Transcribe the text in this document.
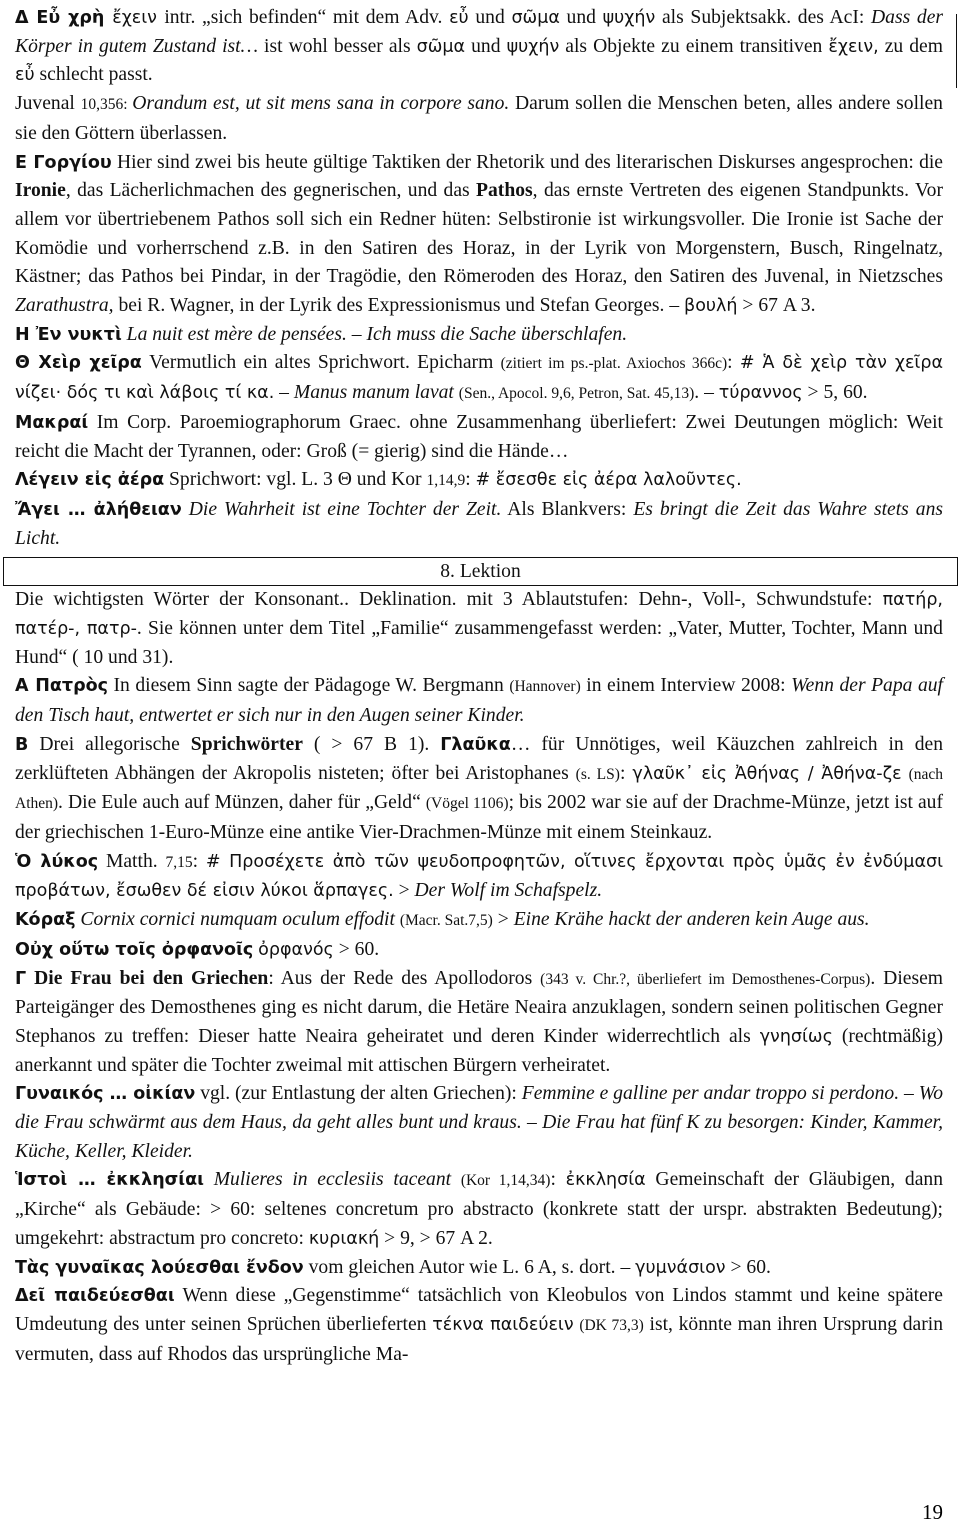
Δ Εὖ χρὴ ἔχειν intr. „sich befinden“ mit dem Adv. εὖ und σῶμα und ψυχήν als Subjektsakk. des AcI: Dass der Körper in gutem Zustand ist… ist wohl besser als σῶμα und ψυχήν als Objekte zu einem transitiven ἔχειν, zu dem εὖ schlecht passt.

Juvenal 10,356: Orandum est, ut sit mens sana in corpore sano. Darum sollen die Menschen beten, alles andere sollen sie den Göttern überlassen.

Ε Γοργίου Hier sind zwei bis heute gültige Taktiken der Rhetorik und des literarischen Diskurses angesprochen: die Ironie, das Lächerlichmachen des gegnerischen, und das Pathos, das ernste Vertreten des eigenen Standpunkts. Vor allem vor übertriebenem Pathos soll sich ein Redner hüten: Selbstironie ist wirkungsvoller. Die Ironie ist Sache der Komödie und vorherrschend z.B. in den Satiren des Horaz, in der Lyrik von Morgenstern, Busch, Ringelnatz, Kästner; das Pathos bei Pindar, in der Tragödie, den Römeroden des Horaz, den Satiren des Juvenal, in Nietzsches Zarathustra, bei R. Wagner, in der Lyrik des Expressionismus und Stefan Georges. – βουλή > 67 A 3.

Η Ἐν νυκτὶ La nuit est mère de pensées. – Ich muss die Sache überschlafen.

Θ Χεὶρ χεῖρα Vermutlich ein altes Sprichwort. Epicharm (zitiert im ps.-plat. Axiochos 366c): # Ἁ δὲ χεὶρ τὰν χεῖρα νίζει· δός τι καὶ λάβοις τί κα. – Manus manum lavat (Sen., Apocol. 9,6, Petron, Sat. 45,13). – τύραννος > 5, 60.

Μακραί Im Corp. Paroemiographorum Graec. ohne Zusammenhang überliefert: Zwei Deutungen möglich: Weit reicht die Macht der Tyrannen, oder: Groß (= gierig) sind die Hände…

Λέγειν εἰς ἀέρα Sprichwort: vgl. L. 3 Θ und Kor 1,14,9: # ἔσεσθε εἰς ἀέρα λαλοῦντες.

Ἄγει … ἀλήθειαν Die Wahrheit ist eine Tochter der Zeit. Als Blankvers: Es bringt die Zeit das Wahre stets ans Licht.

8. Lektion

Die wichtigsten Wörter der Konsonant.. Deklination. mit 3 Ablautstufen: Dehn-, Voll-, Schwundstufe: πατήρ, πατέρ-, πατρ-. Sie können unter dem Titel „Familie“ zusammengefasst werden: „Vater, Mutter, Tochter, Mann und Hund“ ( 10 und 31).

Α Πατρὸς In diesem Sinn sagte der Pädagoge W. Bergmann (Hannover) in einem Interview 2008: Wenn der Papa auf den Tisch haut, entwertet er sich nur in den Augen seiner Kinder.

Β Drei allegorische Sprichwörter ( > 67 B 1). Γλαῦκα… für Unnötiges, weil Käuzchen zahlreich in den zerklüfteten Abhängen der Akropolis nisteten; öfter bei Aristophanes (s. LS): γλαῦκ᾽ εἰς Ἀθήνας / Ἀθήνα-ζε (nach Athen). Die Eule auch auf Münzen, daher für „Geld“ (Vögel 1106); bis 2002 war sie auf der Drachme-Münze, jetzt ist auf der griechischen 1-Euro-Münze eine antike Vier-Drachmen-Münze mit einem Steinkauz.

Ὁ λύκος Matth. 7,15: # Προσέχετε ἀπὸ τῶν ψευδοπροφητῶν, οἵτινες ἔρχονται πρὸς ὑμᾶς ἐν ἐνδύμασι προβάτων, ἔσωθεν δέ εἰσιν λύκοι ἅρπαγες. > Der Wolf im Schafspelz.

Κόραξ Cornix cornici numquam oculum effodit (Macr. Sat.7,5) > Eine Krähe hackt der anderen kein Auge aus.

Οὐχ οὕτω τοῖς ὀρφανοῖς ὀρφανός > 60.

Γ Die Frau bei den Griechen: Aus der Rede des Apollodoros (343 v. Chr.?, überliefert im Demosthenes-Corpus). Diesem Parteigänger des Demosthenes ging es nicht darum, die Hetäre Neaira anzuklagen, sondern seinen politischen Gegner Stephanos zu treffen: Dieser hatte Neaira geheiratet und deren Kinder widerrechtlich als γνησίως (rechtmäßig) anerkannt und später die Tochter zweimal mit attischen Bürgern verheiratet.

Γυναικός … οἰκίαν vgl. (zur Entlastung der alten Griechen): Femmine e galline per andar troppo si perdono. – Wo die Frau schwärmt aus dem Haus, da geht alles bunt und kraus. – Die Frau hat fünf K zu besorgen: Kinder, Kammer, Küche, Keller, Kleider.

Ἱστοὶ … ἐκκλησίαι Mulieres in ecclesiis taceant (Kor 1,14,34): ἐκκλησία Gemeinschaft der Gläubigen, dann „Kirche“ als Gebäude: > 60: seltenes concretum pro abstracto (konkrete statt der urspr. abstrakten Bedeutung); umgekehrt: abstractum pro concreto: κυριακή > 9, > 67 A 2.

Τὰς γυναῖκας λούεσθαι ἔνδον vom gleichen Autor wie L. 6 A, s. dort. – γυμνάσιον > 60.

Δεῖ παιδεύεσθαι Wenn diese „Gegenstimme“ tatsächlich von Kleobulos von Lindos stammt und keine spätere Umdeutung des unter seinen Sprüchen überlieferten τέκνα παιδεύειν (DK 73,3) ist, könnte man ihren Ursprung darin vermuten, dass auf Rhodos das ursprüngliche Ma-

19
